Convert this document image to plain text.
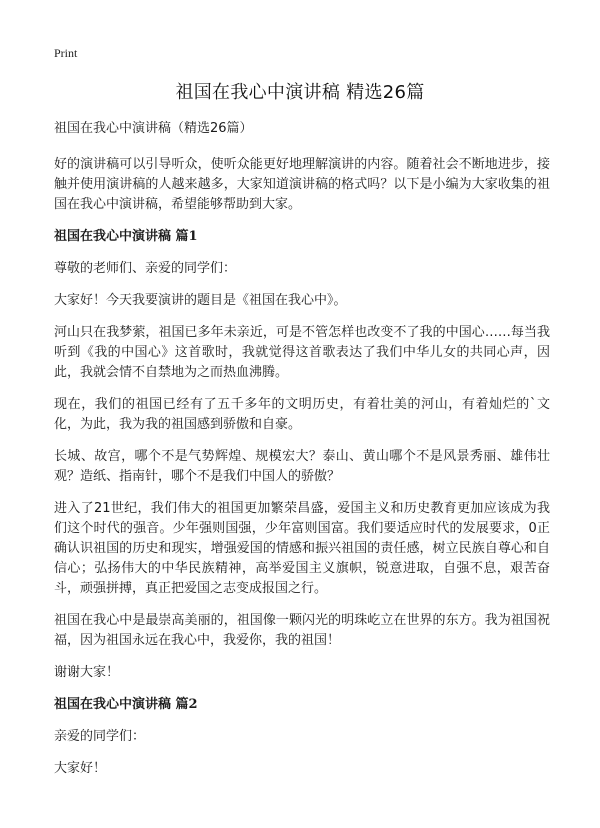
Print
祖国在我心中演讲稿 精选26篇

祖国在我心中演讲稿（精选26篇）

好的演讲稿可以引导听众，使听众能更好地理解演讲的内容。随着社会不断地进步，接触并使用演讲稿的人越来越多，大家知道演讲稿的格式吗？以下是小编为大家收集的祖国在我心中演讲稿，希望能够帮助到大家。

祖国在我心中演讲稿 篇1

尊敬的老师们、亲爱的同学们：

大家好！今天我要演讲的题目是《祖国在我心中》。

河山只在我梦萦，祖国已多年未亲近，可是不管怎样也改变不了我的中国心……每当我听到《我的中国心》这首歌时，我就觉得这首歌表达了我们中华儿女的共同心声，因此，我就会情不自禁地为之而热血沸腾。

现在，我们的祖国已经有了五千多年的文明历史，有着壮美的河山，有着灿烂的`文化，为此，我为我的祖国感到骄傲和自豪。

长城、故宫，哪个不是气势辉煌、规模宏大？泰山、黄山哪个不是风景秀丽、雄伟壮观？造纸、指南针，哪个不是我们中国人的骄傲？

进入了21世纪，我们伟大的祖国更加繁荣昌盛，爱国主义和历史教育更加应该成为我们这个时代的强音。少年强则国强，少年富则国富。我们要适应时代的发展要求，0正确认识祖国的历史和现实，增强爱国的情感和振兴祖国的责任感，树立民族自尊心和自信心；弘扬伟大的中华民族精神，高举爱国主义旗帜，锐意进取，自强不息，艰苦奋斗，顽强拼搏，真正把爱国之志变成报国之行。

祖国在我心中是最崇高美丽的，祖国像一颗闪光的明珠屹立在世界的东方。我为祖国祝福，因为祖国永远在我心中，我爱你，我的祖国！

谢谢大家！

祖国在我心中演讲稿 篇2

亲爱的同学们：

大家好！
